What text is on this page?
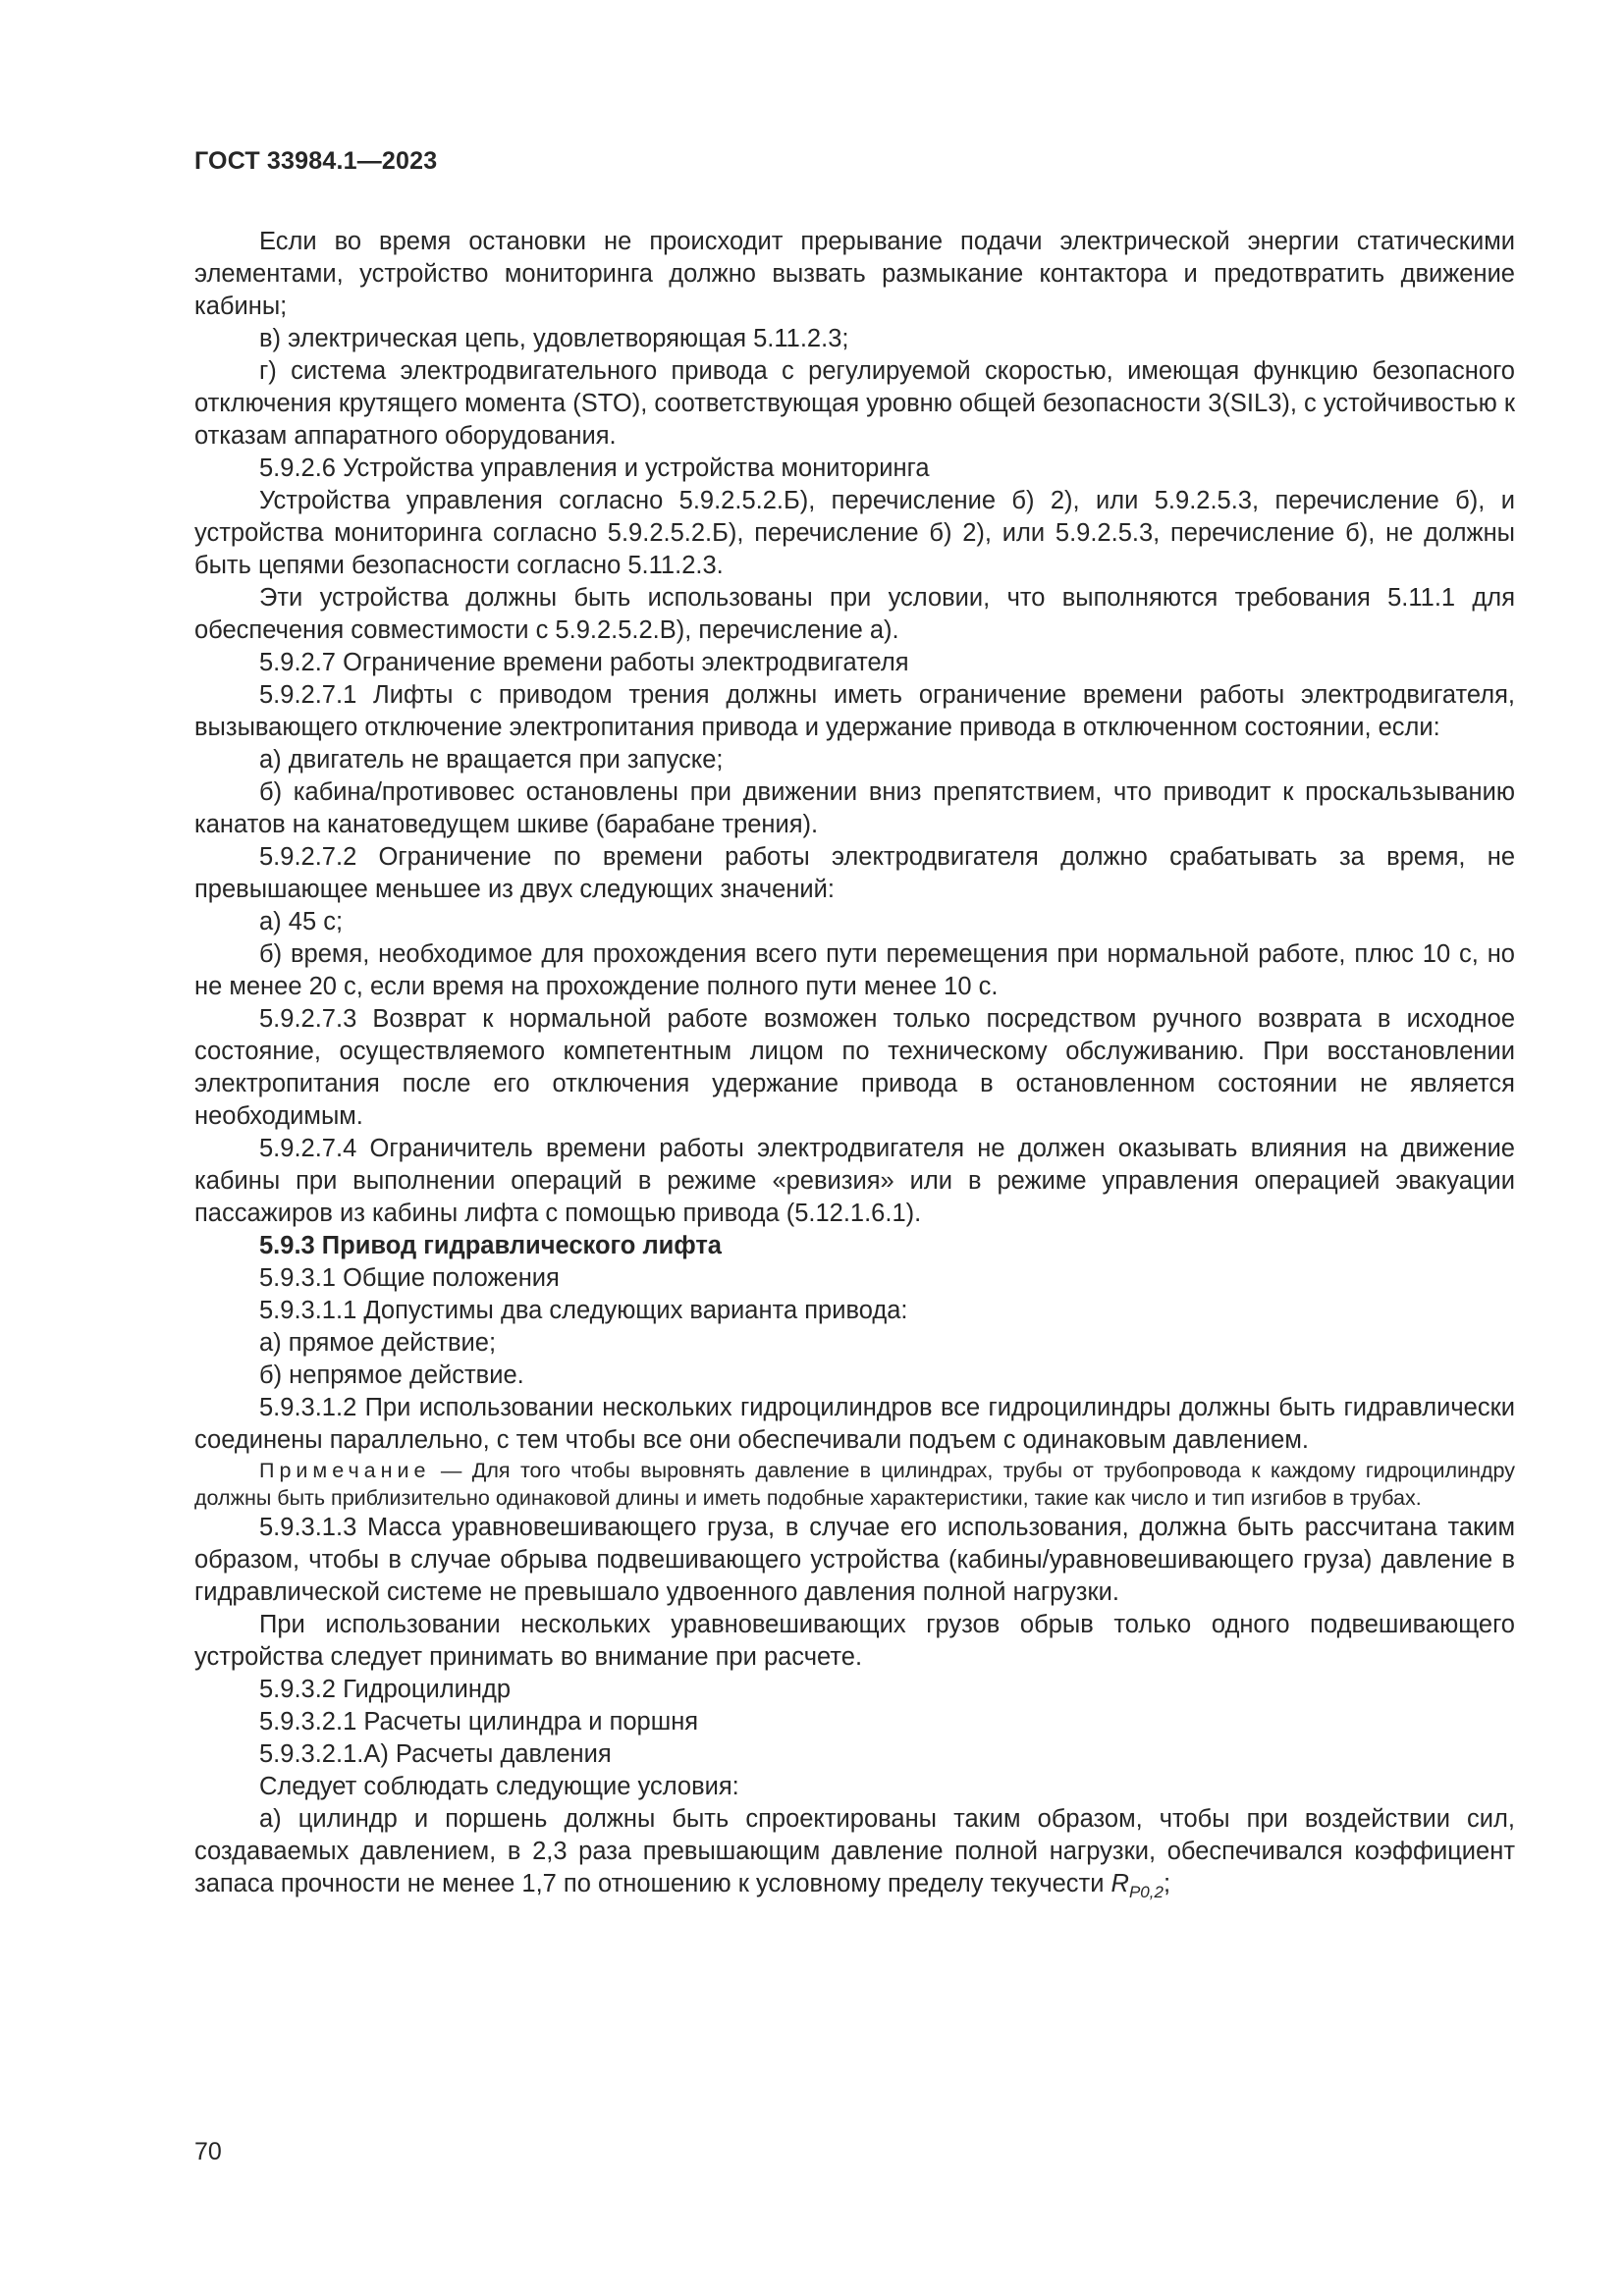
ГОСТ 33984.1—2023

Если во время остановки не происходит прерывание подачи электрической энергии статическими элементами, устройство мониторинга должно вызвать размыкание контактора и предотвратить движение кабины;

в) электрическая цепь, удовлетворяющая 5.11.2.3;

г) система электродвигательного привода с регулируемой скоростью, имеющая функцию безопасного отключения крутящего момента (STO), соответствующая уровню общей безопасности 3(SIL3), с устойчивостью к отказам аппаратного оборудования.

5.9.2.6 Устройства управления и устройства мониторинга

Устройства управления согласно 5.9.2.5.2.Б), перечисление б) 2), или 5.9.2.5.3, перечисление б), и устройства мониторинга согласно 5.9.2.5.2.Б), перечисление б) 2), или 5.9.2.5.3, перечисление б), не должны быть цепями безопасности согласно 5.11.2.3.

Эти устройства должны быть использованы при условии, что выполняются требования 5.11.1 для обеспечения совместимости с 5.9.2.5.2.В), перечисление а).

5.9.2.7 Ограничение времени работы электродвигателя

5.9.2.7.1 Лифты с приводом трения должны иметь ограничение времени работы электродвигателя, вызывающего отключение электропитания привода и удержание привода в отключенном состоянии, если:

а) двигатель не вращается при запуске;

б) кабина/противовес остановлены при движении вниз препятствием, что приводит к проскальзыванию канатов на канатоведущем шкиве (барабане трения).

5.9.2.7.2 Ограничение по времени работы электродвигателя должно срабатывать за время, не превышающее меньшее из двух следующих значений:

а) 45 с;

б) время, необходимое для прохождения всего пути перемещения при нормальной работе, плюс 10 с, но не менее 20 с, если время на прохождение полного пути менее 10 с.

5.9.2.7.3 Возврат к нормальной работе возможен только посредством ручного возврата в исходное состояние, осуществляемого компетентным лицом по техническому обслуживанию. При восстановлении электропитания после его отключения удержание привода в остановленном состоянии не является необходимым.

5.9.2.7.4 Ограничитель времени работы электродвигателя не должен оказывать влияния на движение кабины при выполнении операций в режиме «ревизия» или в режиме управления операцией эвакуации пассажиров из кабины лифта с помощью привода (5.12.1.6.1).

5.9.3 Привод гидравлического лифта

5.9.3.1 Общие положения

5.9.3.1.1 Допустимы два следующих варианта привода:

а) прямое действие;

б) непрямое действие.

5.9.3.1.2 При использовании нескольких гидроцилиндров все гидроцилиндры должны быть гидравлически соединены параллельно, с тем чтобы все они обеспечивали подъем с одинаковым давлением.

Примечание — Для того чтобы выровнять давление в цилиндрах, трубы от трубопровода к каждому гидроцилиндру должны быть приблизительно одинаковой длины и иметь подобные характеристики, такие как число и тип изгибов в трубах.

5.9.3.1.3 Масса уравновешивающего груза, в случае его использования, должна быть рассчитана таким образом, чтобы в случае обрыва подвешивающего устройства (кабины/уравновешивающего груза) давление в гидравлической системе не превышало удвоенного давления полной нагрузки.

При использовании нескольких уравновешивающих грузов обрыв только одного подвешивающего устройства следует принимать во внимание при расчете.

5.9.3.2 Гидроцилиндр

5.9.3.2.1 Расчеты цилиндра и поршня

5.9.3.2.1.А) Расчеты давления

Следует соблюдать следующие условия:

а) цилиндр и поршень должны быть спроектированы таким образом, чтобы при воздействии сил, создаваемых давлением, в 2,3 раза превышающим давление полной нагрузки, обеспечивался коэффициент запаса прочности не менее 1,7 по отношению к условному пределу текучести $R_{P0,2}$;

70
